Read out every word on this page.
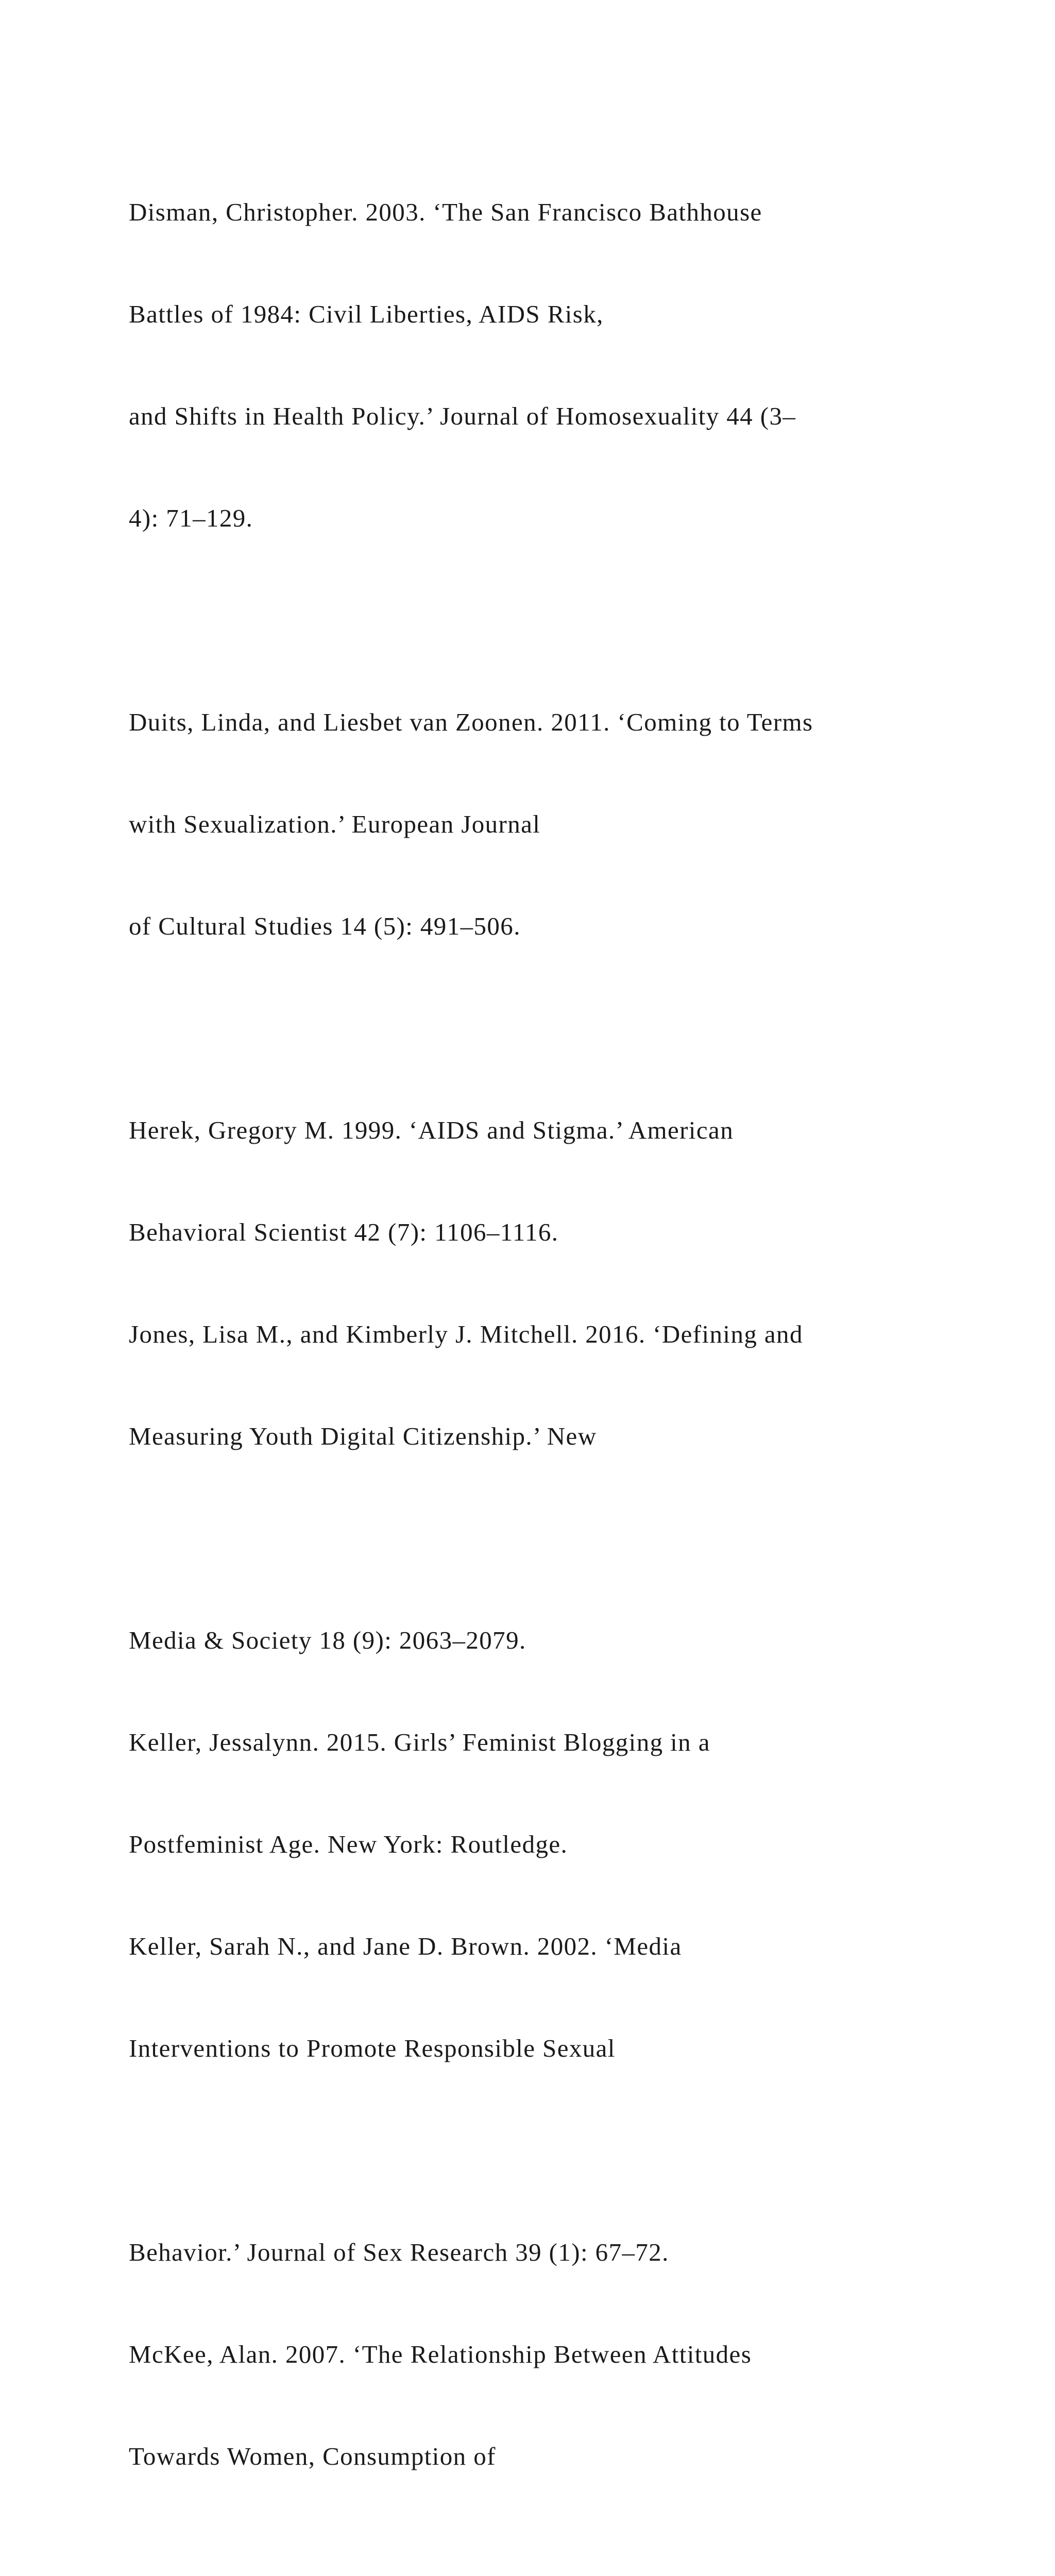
Disman, Christopher. 2003. ‘The San Francisco Bathhouse

Battles of 1984: Civil Liberties, AIDS Risk,

and Shifts in Health Policy.’ Journal of Homosexuality 44 (3–

4): 71–129.

Duits, Linda, and Liesbet van Zoonen. 2011. ‘Coming to Terms

with Sexualization.’ European Journal

of Cultural Studies 14 (5): 491–506.

Herek, Gregory M. 1999. ‘AIDS and Stigma.’ American

Behavioral Scientist 42 (7): 1106–1116.

Jones, Lisa M., and Kimberly J. Mitchell. 2016. ‘Defining and

Measuring Youth Digital Citizenship.’ New

Media & Society 18 (9): 2063–2079.

Keller, Jessalynn. 2015. Girls’ Feminist Blogging in a

Postfeminist Age. New York: Routledge.

Keller, Sarah N., and Jane D. Brown. 2002. ‘Media

Interventions to Promote Responsible Sexual

Behavior.’ Journal of Sex Research 39 (1): 67–72.

McKee, Alan. 2007. ‘The Relationship Between Attitudes

Towards Women, Consumption of
